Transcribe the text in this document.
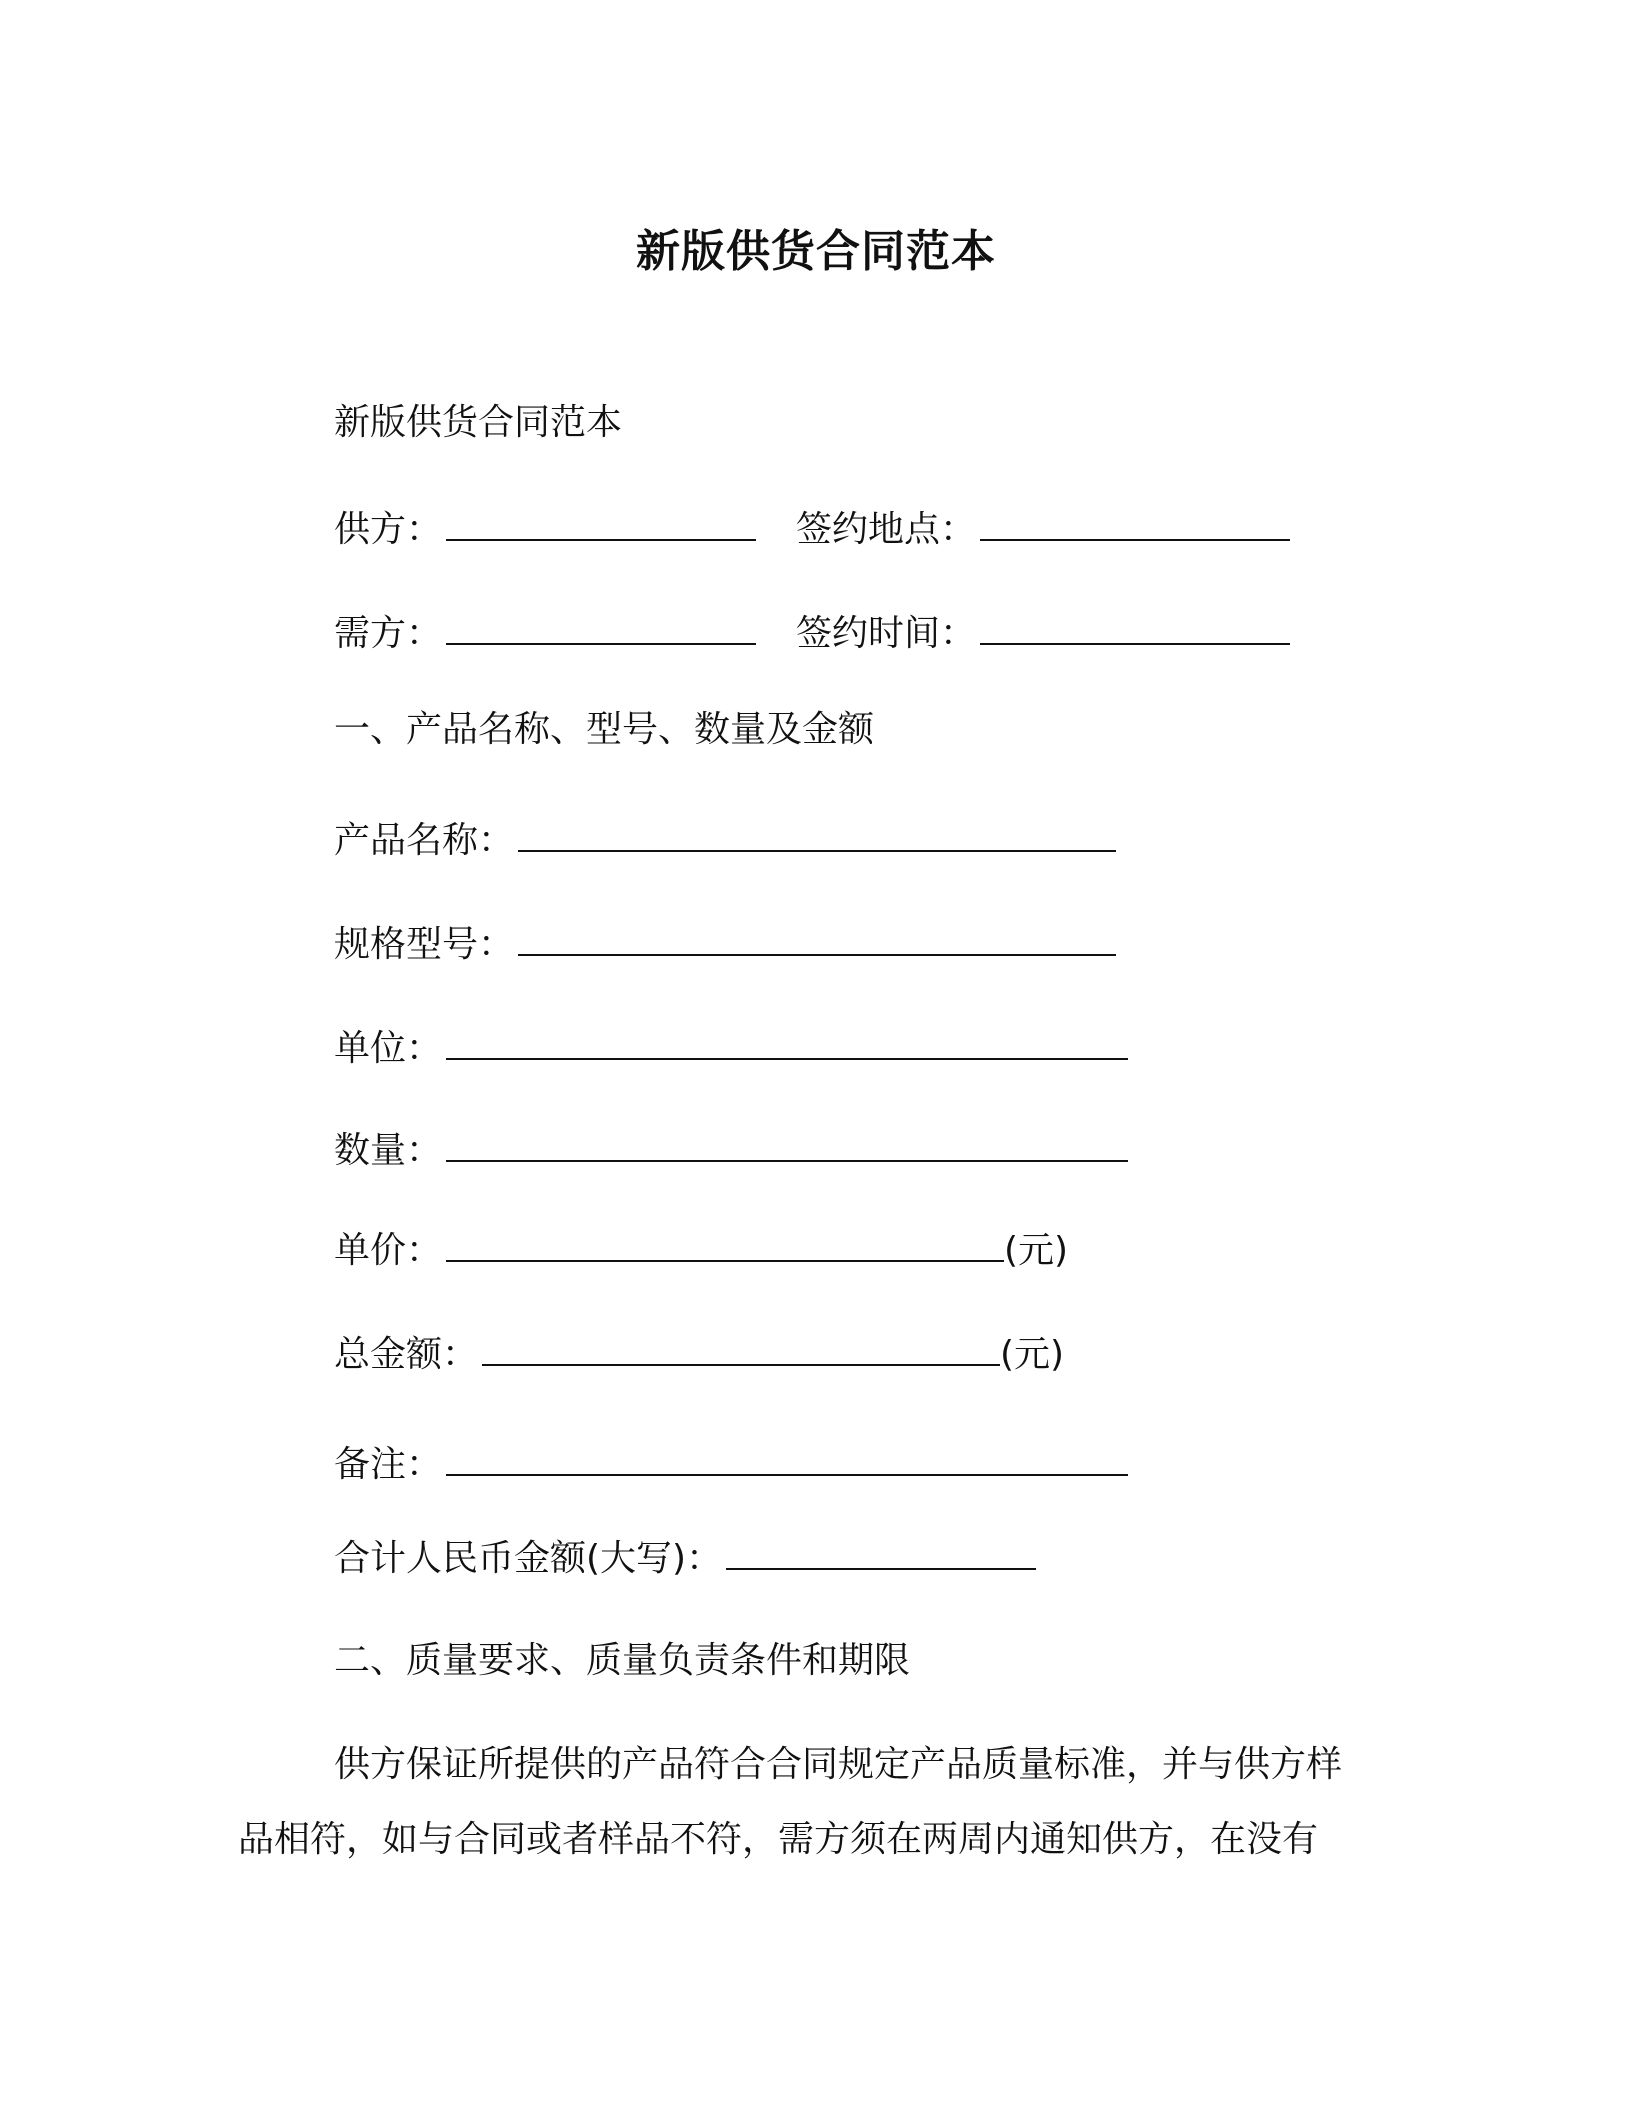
新版供货合同范本
新版供货合同范本
供方：	签约地点：
需方：	签约时间：
一、产品名称、型号、数量及金额
产品名称：
规格型号：
单位：
数量：
单价：	(元)
总金额：	(元)
备注：
合计人民币金额(大写)：
二、质量要求、质量负责条件和期限
供方保证所提供的产品符合合同规定产品质量标准，并与供方样
品相符，如与合同或者样品不符，需方须在两周内通知供方，在没有
